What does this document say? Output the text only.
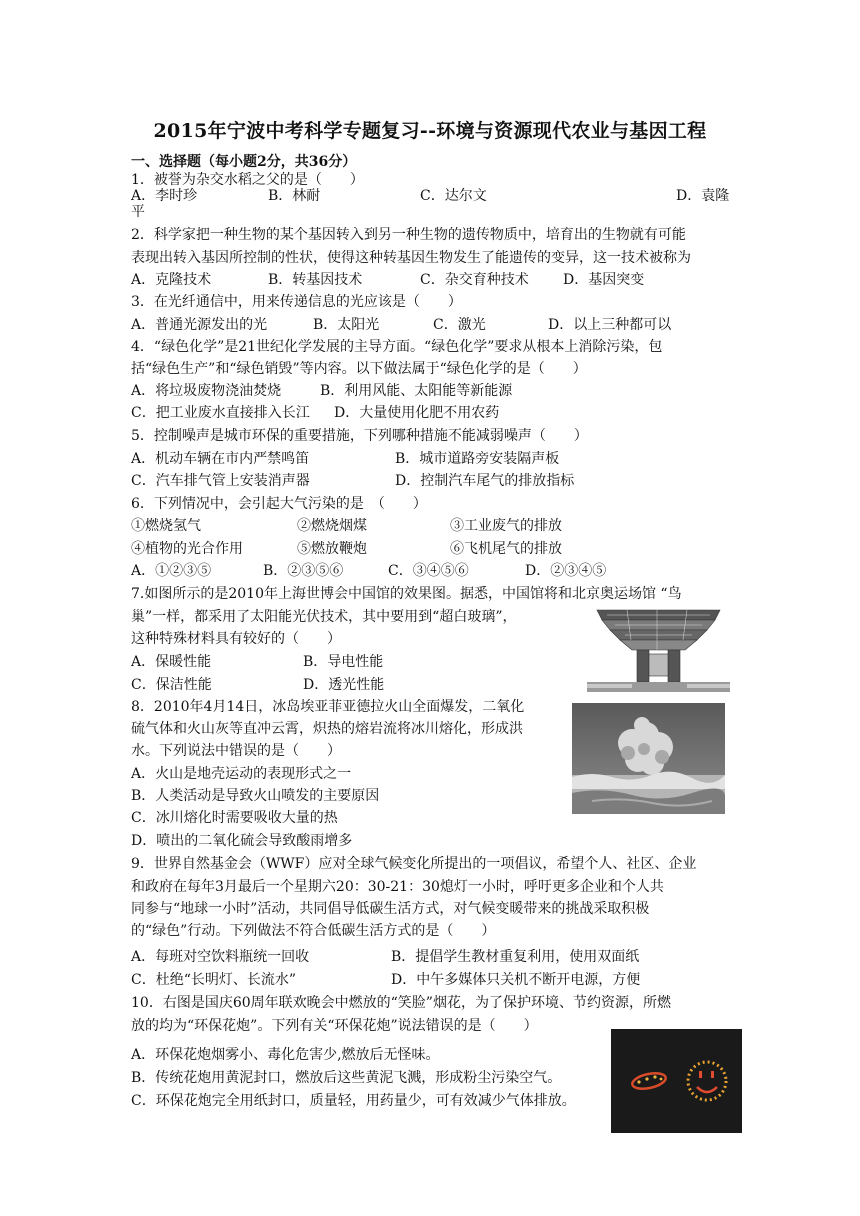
2015年宁波中考科学专题复习--环境与资源现代农业与基因工程
一、选择题（每小题2分，共36分）
1．被誉为杂交水稻之父的是（　　）
A．李时珍	B．林耐	C．达尔文	D．袁隆
平
2．科学家把一种生物的某个基因转入到另一种生物的遗传物质中，培育出的生物就有可能
表现出转入基因所控制的性状，使得这种转基因生物发生了能遗传的变异，这一技术被称为
A．克隆技术	B．转基因技术	C．杂交育种技术 D．基因突变
3．在光纤通信中，用来传递信息的光应该是（　　）
A．普通光源发出的光	B．太阳光	C．激光	D．以上三种都可以
4．“绿色化学”是21世纪化学发展的主导方面。“绿色化学”要求从根本上消除污染，包
括“绿色生产”和“绿色销毁”等内容。以下做法属于“绿色化学的是（　　）
A．将垃圾废物浇油焚烧	B．利用风能、太阳能等新能源
C．把工业废水直接排入长江 D．大量使用化肥不用农药
5．控制噪声是城市环保的重要措施，下列哪种措施不能减弱噪声（　　）
A．机动车辆在市内严禁鸣笛	B．城市道路旁安装隔声板
C．汽车排气管上安装消声器	D．控制汽车尾气的排放指标
6．下列情况中，会引起大气污染的是　（　　）
①燃烧氢气	②燃烧烟煤	③工业废气的排放
④植物的光合作用	⑤燃放鞭炮	⑥飞机尾气的排放
A．①②③⑤	B．②③⑤⑥	C．③④⑤⑥	D．②③④⑤
7.如图所示的是2010年上海世博会中国馆的效果图。据悉，中国馆将和北京奥运场馆 “鸟
巢”一样，都采用了太阳能光伏技术，其中要用到“超白玻璃”，
这种特殊材料具有较好的（　　）
A．保暖性能	B．导电性能
C．保洁性能	D．透光性能
8．2010年4月14日，冰岛埃亚菲亚德拉火山全面爆发，二氧化
硫气体和火山灰等直冲云霄，炽热的熔岩流将冰川熔化，形成洪
水。下列说法中错误的是（　　）
A．火山是地壳运动的表现形式之一
B．人类活动是导致火山喷发的主要原因
C．冰川熔化时需要吸收大量的热
D．喷出的二氧化硫会导致酸雨增多
9．世界自然基金会（WWF）应对全球气候变化所提出的一项倡议，希望个人、社区、企业
和政府在每年3月最后一个星期六20：30-21：30熄灯一小时，呼吁更多企业和个人共
同参与“地球一小时”活动，共同倡导低碳生活方式，对气候变暖带来的挑战采取积极
的“绿色”行动。下列做法不符合低碳生活方式的是（　　）
A．每班对空饮料瓶统一回收	B．提倡学生教材重复利用，使用双面纸
C．杜绝“长明灯、长流水”	D．中午多媒体只关机不断开电源，方便
10．右图是国庆60周年联欢晚会中燃放的“笑脸”烟花，为了保护环境、节约资源，所燃
放的均为“环保花炮”。下列有关“环保花炮”说法错误的是（　　）
A．环保花炮烟雾小、毒化危害少,燃放后无怪味。
B．传统花炮用黄泥封口，燃放后这些黄泥飞溅，形成粉尘污染空气。
C．环保花炮完全用纸封口，质量轻，用药量少，可有效减少气体排放。
